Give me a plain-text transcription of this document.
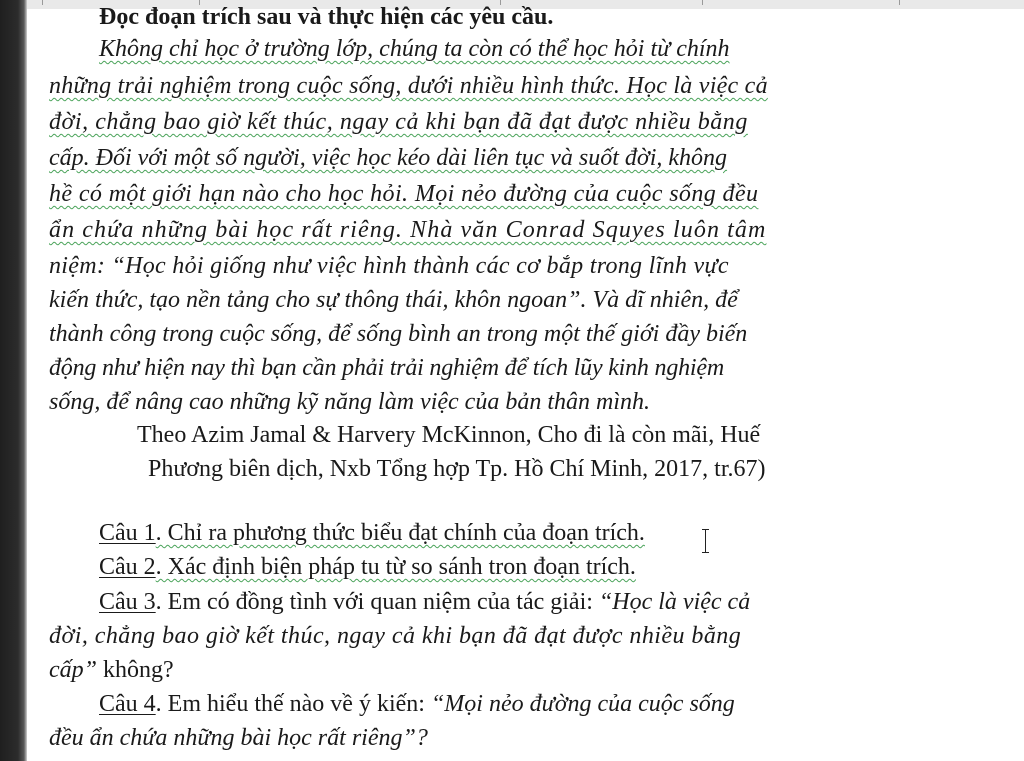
Đọc đoạn trích sau và thực hiện các yêu cầu.
Không chỉ học ở trường lớp, chúng ta còn có thể học hỏi từ chính
những trải nghiệm trong cuộc sống, dưới nhiều hình thức. Học là việc cả
đời, chẳng bao giờ kết thúc, ngay cả khi bạn đã đạt được nhiều bằng
cấp. Đối với một số người, việc học kéo dài liên tục và suốt đời, không
hề có một giới hạn nào cho học hỏi. Mọi nẻo đường của cuộc sống đều
ẩn chứa những bài học rất riêng. Nhà văn Conrad Squyes luôn tâm
niệm: “Học hỏi giống như việc hình thành các cơ bắp trong lĩnh vực
kiến thức, tạo nền tảng cho sự thông thái, khôn ngoan”. Và dĩ nhiên, để
thành công trong cuộc sống, để sống bình an trong một thế giới đầy biến
động như hiện nay thì bạn cần phải trải nghiệm để tích lũy kinh nghiệm
sống, để nâng cao những kỹ năng làm việc của bản thân mình.
Theo Azim Jamal & Harvery McKinnon, Cho đi là còn mãi, Huế
Phương biên dịch, Nxb Tổng hợp Tp. Hồ Chí Minh, 2017, tr.67)
Câu 1. Chỉ ra phương thức biểu đạt chính của đoạn trích.
Câu 2. Xác định biện pháp tu từ so sánh tron đoạn trích.
Câu 3. Em có đồng tình với quan niệm của tác giải: “Học là việc cả
đời, chẳng bao giờ kết thúc, ngay cả khi bạn đã đạt được nhiều bằng
cấp” không?
Câu 4. Em hiểu thế nào về ý kiến: “Mọi nẻo đường của cuộc sống
đều ẩn chứa những bài học rất riêng”?
